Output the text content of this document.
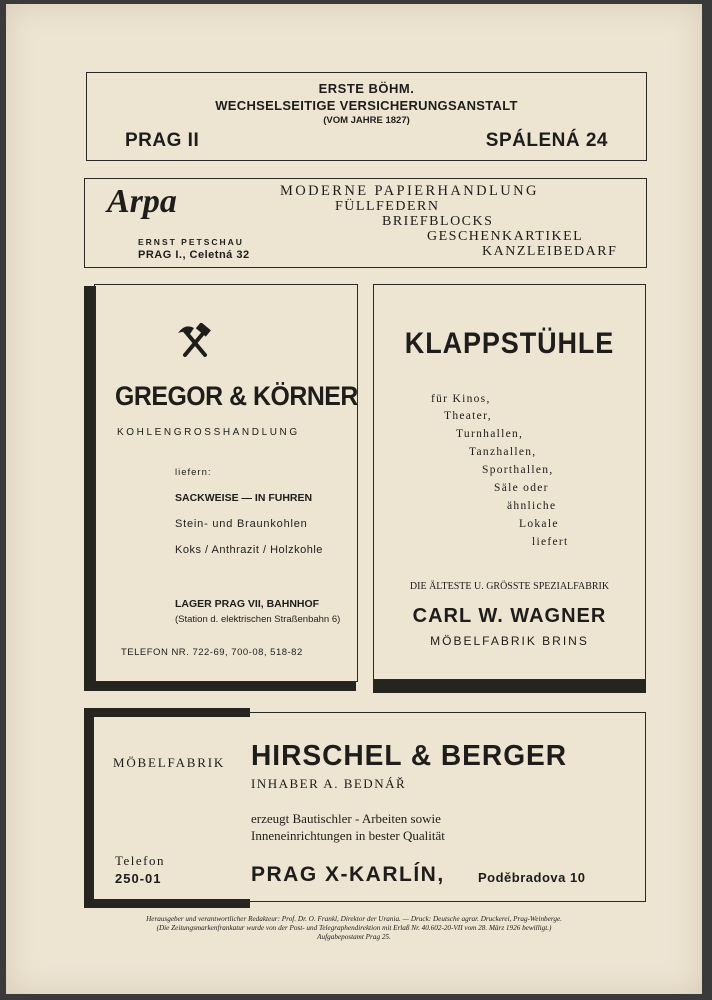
ERSTE BÖHM.
WECHSELSEITIGE VERSICHERUNGSANSTALT
(VOM JAHRE 1827)
PRAG II	SPÁLENÁ 24
Arpa
ERNST PETSCHAU
PRAG I., Celetná 32
MODERNE PAPIERHANDLUNG
FÜLLFEDERN
BRIEFBLOCKS
GESCHENKARTIKEL
KANZLEIBEDARF
GREGOR & KÖRNER
KOHLENGROSSHANDLUNG
liefern:
SACKWEISE — IN FUHREN
Stein- und Braunkohlen
Koks / Anthrazit / Holzkohle
LAGER PRAG VII, BAHNHOF
(Station d. elektrischen Straßenbahn 6)
TELEFON NR. 722-69, 700-08, 518-82
KLAPPSTÜHLE
für Kinos,
Theater,
Turnhallen,
Tanzhallen,
Sporthallen,
Säle oder
ähnliche
Lokale
liefert
DIE ÄLTESTE U. GRÖSSTE SPEZIALFABRIK
CARL W. WAGNER
MÖBELFABRIK BRINS
MÖBELFABRIK HIRSCHEL & BERGER
INHABER A. BEDNÁŘ
erzeugt Bautischler - Arbeiten sowie
Inneneinrichtungen in bester Qualität
Telefon
250-01	PRAG X-KARLÍN,	Poděbradova 10
Herausgeber und verantwortlicher Redakteur: Prof. Dr. O. Frankl, Direktor der Urania. — Druck: Deutsche agrar. Druckerei, Prag-Weinberge.
(Die Zeitungsmarkenfrankatur wurde von der Post- und Telegraphendirektion mit Erlaß Nr. 40.602-20-VII vom 28. März 1926 bewilligt.)
Aufgabepostamt Prag 25.
